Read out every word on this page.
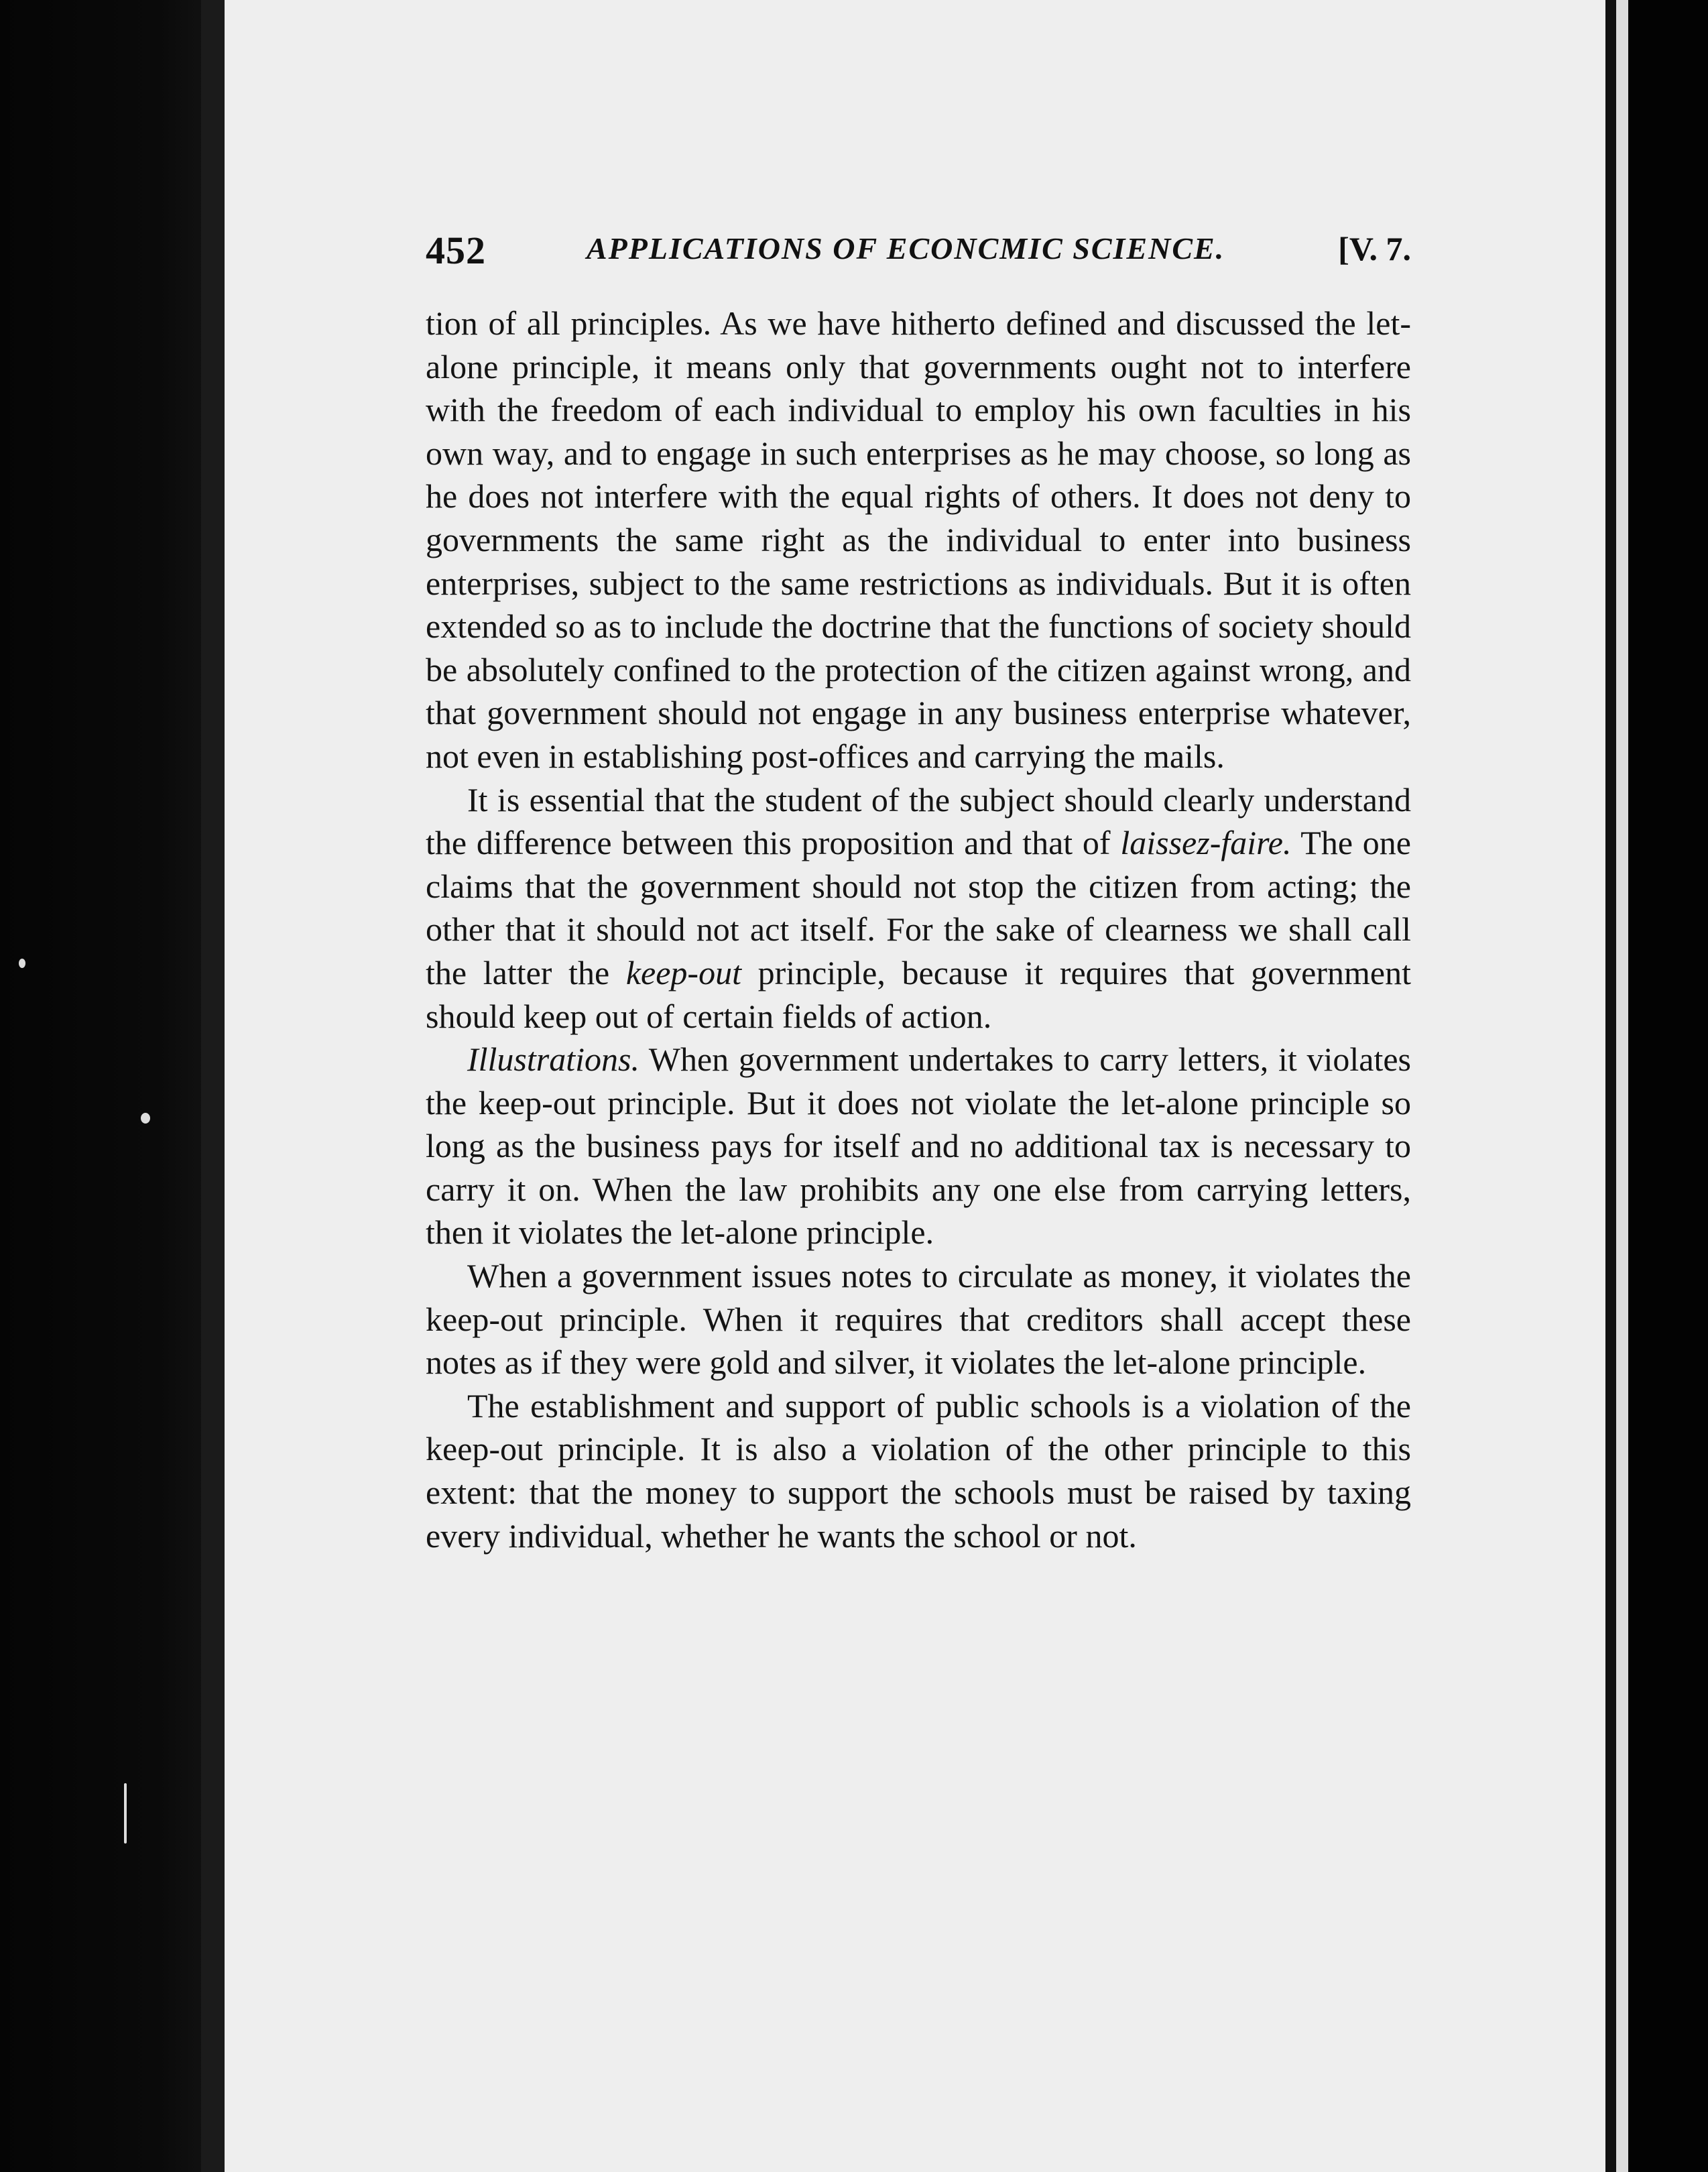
452	APPLICATIONS OF ECONCMIC SCIENCE.	[V. 7.

tion of all principles. As we have hitherto defined and discussed the let-alone principle, it means only that governments ought not to interfere with the freedom of each individual to employ his own faculties in his own way, and to engage in such enterprises as he may choose, so long as he does not interfere with the equal rights of others. It does not deny to governments the same right as the individual to enter into business enterprises, subject to the same restrictions as individuals. But it is often extended so as to include the doctrine that the functions of society should be absolutely confined to the protection of the citizen against wrong, and that government should not engage in any business enterprise whatever, not even in establishing post-offices and carrying the mails.

It is essential that the student of the subject should clearly understand the difference between this proposition and that of laissez-faire. The one claims that the government should not stop the citizen from acting; the other that it should not act itself. For the sake of clearness we shall call the latter the keep-out principle, because it requires that government should keep out of certain fields of action.

Illustrations. When government undertakes to carry letters, it violates the keep-out principle. But it does not violate the let-alone principle so long as the business pays for itself and no additional tax is necessary to carry it on. When the law prohibits any one else from carrying letters, then it violates the let-alone principle.

When a government issues notes to circulate as money, it violates the keep-out principle. When it requires that creditors shall accept these notes as if they were gold and silver, it violates the let-alone principle.

The establishment and support of public schools is a violation of the keep-out principle. It is also a violation of the other principle to this extent: that the money to support the schools must be raised by taxing every individual, whether he wants the school or not.
